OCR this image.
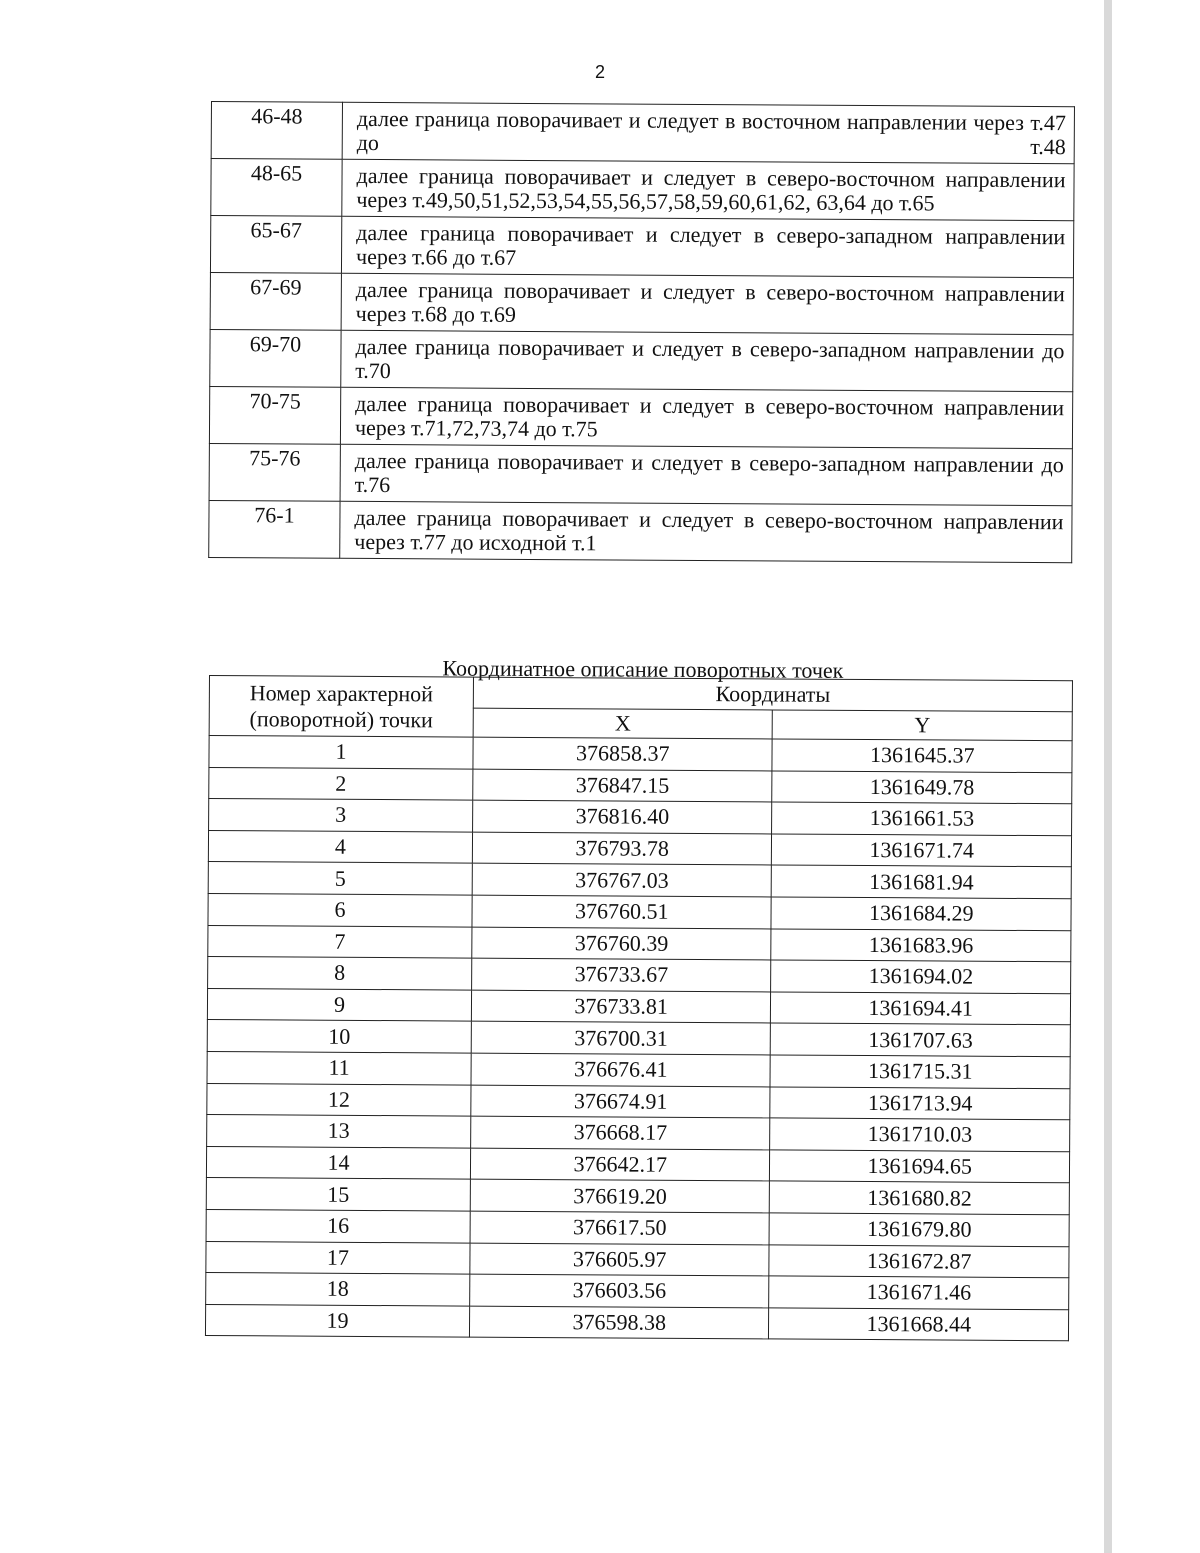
2
46-48	далее граница поворачивает и следует в восточном направлении через т.47 до т.48
48-65	далее граница поворачивает и следует в северо-восточном направлении через т.49,50,51,52,53,54,55,56,57,58,59,60,61,62, 63,64 до т.65
65-67	далее граница поворачивает и следует в северо-западном направлении через т.66 до т.67
67-69	далее граница поворачивает и следует в северо-восточном направлении через т.68 до т.69
69-70	далее граница поворачивает и следует в северо-западном направлении до т.70
70-75	далее граница поворачивает и следует в северо-восточном направлении через т.71,72,73,74 до т.75
75-76	далее граница поворачивает и следует в северо-западном направлении до т.76
76-1	далее граница поворачивает и следует в северо-восточном направлении через т.77 до исходной т.1
Координатное описание поворотных точек
Номер характерной (поворотной) точки	Координаты	
	X	Y
1	376858.37	1361645.37
2	376847.15	1361649.78
3	376816.40	1361661.53
4	376793.78	1361671.74
5	376767.03	1361681.94
6	376760.51	1361684.29
7	376760.39	1361683.96
8	376733.67	1361694.02
9	376733.81	1361694.41
10	376700.31	1361707.63
11	376676.41	1361715.31
12	376674.91	1361713.94
13	376668.17	1361710.03
14	376642.17	1361694.65
15	376619.20	1361680.82
16	376617.50	1361679.80
17	376605.97	1361672.87
18	376603.56	1361671.46
19	376598.38	1361668.44
